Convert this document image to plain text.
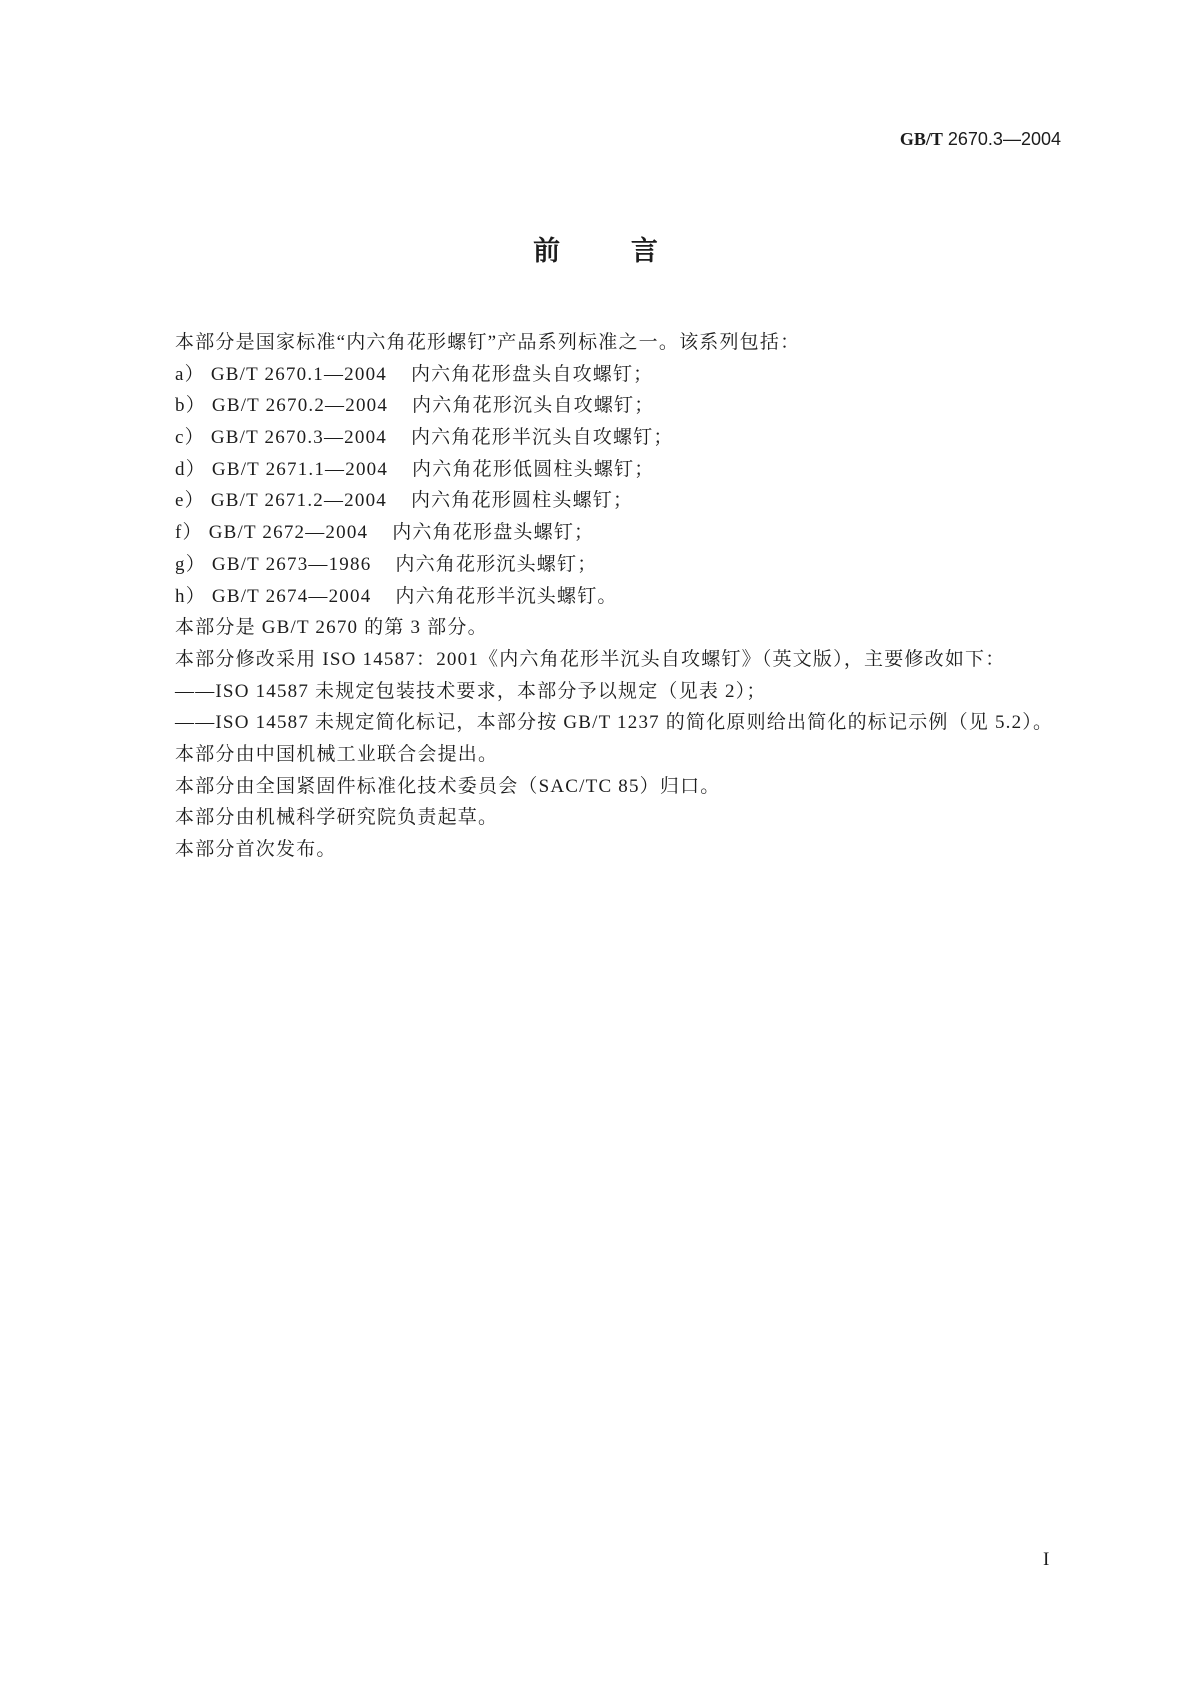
GB/T 2670.3—2004
前 言
本部分是国家标准“内六角花形螺钉”产品系列标准之一。该系列包括：
a） GB/T 2670.1—2004 内六角花形盘头自攻螺钉；
b） GB/T 2670.2—2004 内六角花形沉头自攻螺钉；
c） GB/T 2670.3—2004 内六角花形半沉头自攻螺钉；
d） GB/T 2671.1—2004 内六角花形低圆柱头螺钉；
e） GB/T 2671.2—2004 内六角花形圆柱头螺钉；
f） GB/T 2672—2004 内六角花形盘头螺钉；
g） GB/T 2673—1986 内六角花形沉头螺钉；
h） GB/T 2674—2004 内六角花形半沉头螺钉。
本部分是 GB/T 2670 的第 3 部分。
本部分修改采用 ISO 14587：2001《内六角花形半沉头自攻螺钉》（英文版），主要修改如下：
——ISO 14587 未规定包装技术要求，本部分予以规定（见表 2）；
——ISO 14587 未规定简化标记，本部分按 GB/T 1237 的简化原则给出简化的标记示例（见 5.2）。
本部分由中国机械工业联合会提出。
本部分由全国紧固件标准化技术委员会（SAC/TC 85）归口。
本部分由机械科学研究院负责起草。
本部分首次发布。
I
